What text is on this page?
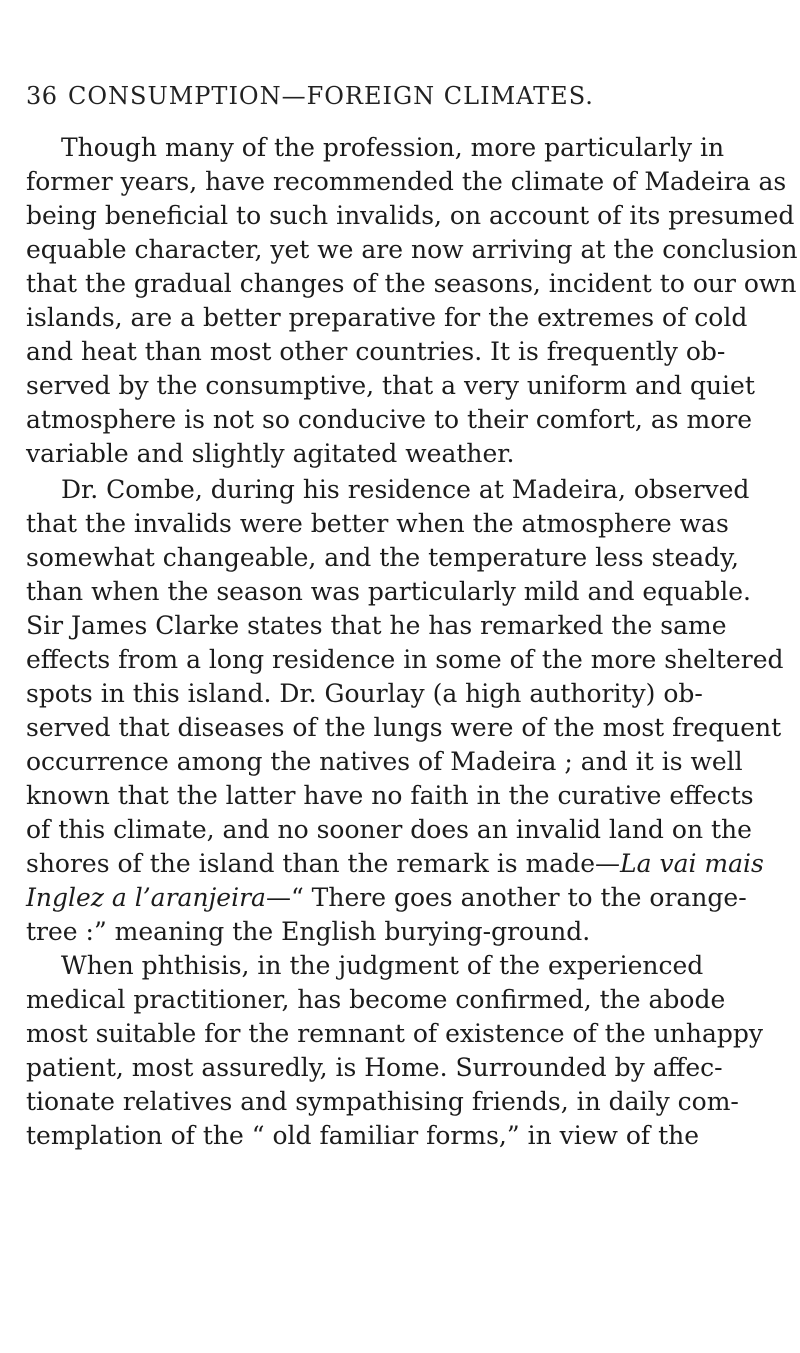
36 CONSUMPTION—FOREIGN CLIMATES.
Though many of the profession, more particularly in
former years, have recommended the climate of Madeira as
being beneficial to such invalids, on account of its presumed
equable character, yet we are now arriving at the conclusion
that the gradual changes of the seasons, incident to our own
islands, are a better preparative for the extremes of cold
and heat than most other countries. It is frequently ob-
served by the consumptive, that a very uniform and quiet
atmosphere is not so conducive to their comfort, as more
variable and slightly agitated weather.
Dr. Combe, during his residence at Madeira, observed
that the invalids were better when the atmosphere was
somewhat changeable, and the temperature less steady,
than when the season was particularly mild and equable.
Sir James Clarke states that he has remarked the same
effects from a long residence in some of the more sheltered
spots in this island. Dr. Gourlay (a high authority) ob-
served that diseases of the lungs were of the most frequent
occurrence among the natives of Madeira ; and it is well
known that the latter have no faith in the curative effects
of this climate, and no sooner does an invalid land on the
shores of the island than the remark is made—La vai mais
Inglez a l’aranjeira—“ There goes another to the orange-
tree :” meaning the English burying-ground.
When phthisis, in the judgment of the experienced
medical practitioner, has become confirmed, the abode
most suitable for the remnant of existence of the unhappy
patient, most assuredly, is Home. Surrounded by affec-
tionate relatives and sympathising friends, in daily com-
templation of the “ old familiar forms,” in view of the
